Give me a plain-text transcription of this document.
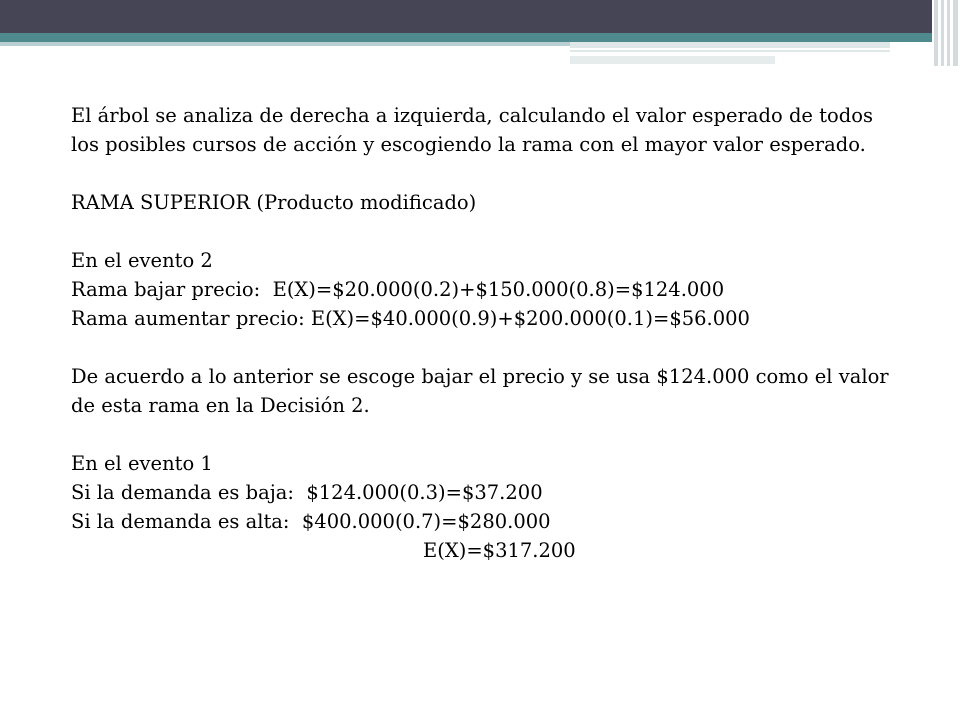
El árbol se analiza de derecha a izquierda, calculando el valor esperado de todos los posibles cursos de acción y escogiendo la rama con el mayor valor esperado.

RAMA SUPERIOR (Producto modificado)

En el evento 2

Rama bajar precio:  E(X)=$20.000(0.2)+$150.000(0.8)=$124.000

Rama aumentar precio: E(X)=$40.000(0.9)+$200.000(0.1)=$56.000

De acuerdo a lo anterior se escoge bajar el precio y se usa $124.000 como el valor de esta rama en la Decisión 2.

En el evento 1

Si la demanda es baja:  $124.000(0.3)=$37.200

Si la demanda es alta:  $400.000(0.7)=$280.000

E(X)=$317.200
